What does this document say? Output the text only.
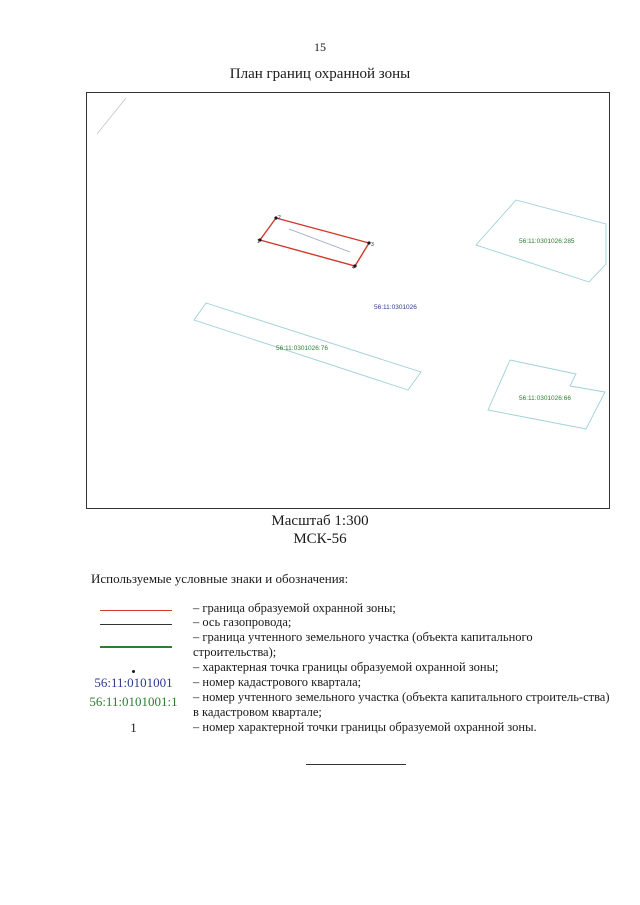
15
План границ охранной зоны
56:11:0301026:285
56:11:0301026:76
56:11:0301026:66
56:11:0301026
1
2
3
4
Масштаб 1:300
МСК-56
Используемые условные знаки и обозначения:
– граница образуемой охранной зоны;
– ось газопровода;
– граница учтенного земельного участка (объекта капитального строительства);
– характерная точка границы образуемой охранной зоны;
56:11:0101001	– номер кадастрового квартала;
56:11:0101001:1 – номер учтенного земельного участка (объекта капитального строитель-ства) в кадастровом квартале;
1	– номер характерной точки границы образуемой охранной зоны.
